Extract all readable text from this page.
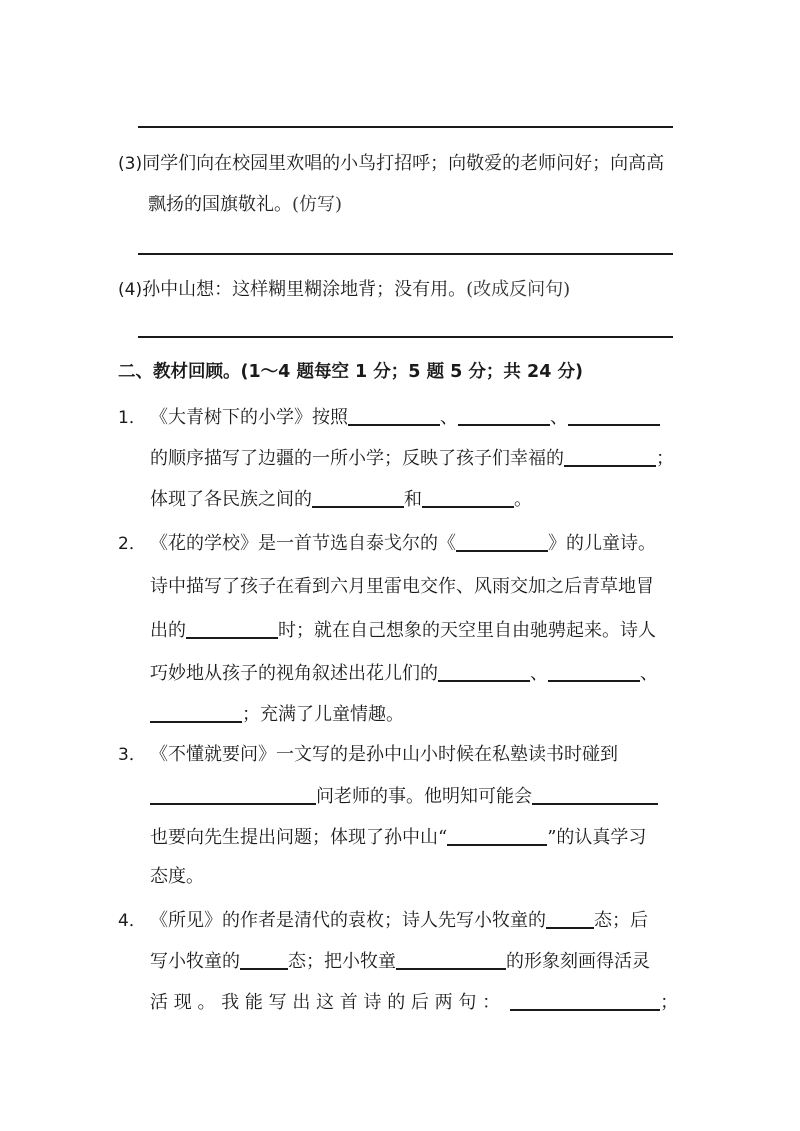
(3)同学们向在校园里欢唱的小鸟打招呼；向敬爱的老师问好；向高高
飘扬的国旗敬礼。(仿写)
(4)孙中山想：这样糊里糊涂地背；没有用。(改成反问句)
二、教材回顾。(1～4 题每空 1 分；5 题 5 分；共 24 分)
1． 《大青树下的小学》按照	、	、
的顺序描写了边疆的一所小学；反映了孩子们幸福的	；
体现了各民族之间的	和	。
2． 《花的学校》是一首节选自泰戈尔的《	》的儿童诗。
诗中描写了孩子在看到六月里雷电交作、风雨交加之后青草地冒
出的	时；就在自己想象的天空里自由驰骋起来。诗人
巧妙地从孩子的视角叙述出花儿们的	、	、
；充满了儿童情趣。
3． 《不懂就要问》一文写的是孙中山小时候在私塾读书时碰到
问老师的事。他明知可能会
也要向先生提出问题；体现了孙中山“	”的认真学习
态度。
4． 《所见》的作者是清代的袁枚；诗人先写小牧童的	态；后
写小牧童的	态；把小牧童	的形象刻画得活灵
活 现 。 我 能 写 出 这 首 诗 的 后 两 句 ：	；
